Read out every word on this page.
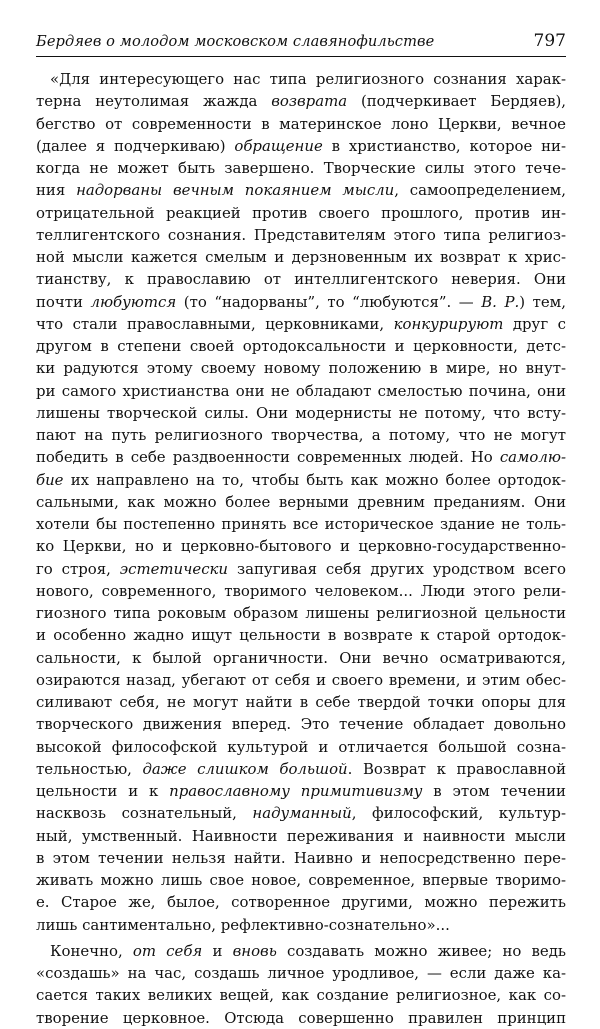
Бердяев о молодом московском славянофильстве	797
«Для интересующего нас типа религиозного сознания харак-
терна неутолимая жажда возврата (подчеркивает Бердяев),
бегство от современности в материнское лоно Церкви, вечное
(далее я подчеркиваю) обращение в христианство, которое ни-
когда не может быть завершено. Творческие силы этого тече-
ния надорваны вечным покаянием мысли, самоопределением,
отрицательной реакцией против своего прошлого, против ин-
теллигентского сознания. Представителям этого типа религиоз-
ной мысли кажется смелым и дерзновенным их возврат к хрис-
тианству, к православию от интеллигентского неверия. Они
почти любуются (то “надорваны”, то “любуются”. — В. Р.) тем,
что стали православными, церковниками, конкурируют друг с
другом в степени своей ортодоксальности и церковности, детс-
ки радуются этому своему новому положению в мире, но внут-
ри самого христианства они не обладают смелостью почина, они
лишены творческой силы. Они модернисты не потому, что всту-
пают на путь религиозного творчества, а потому, что не могут
победить в себе раздвоенности современных людей. Но самолю-
бие их направлено на то, чтобы быть как можно более ортодок-
сальными, как можно более верными древним преданиям. Они
хотели бы постепенно принять все историческое здание не толь-
ко Церкви, но и церковно-бытового и церковно-государственно-
го строя, эстетически запугивая себя других уродством всего
нового, современного, творимого человеком... Люди этого рели-
гиозного типа роковым образом лишены религиозной цельности
и особенно жадно ищут цельности в возврате к старой ортодок-
сальности, к былой органичности. Они вечно осматриваются,
озираются назад, убегают от себя и своего времени, и этим обес-
силивают себя, не могут найти в себе твердой точки опоры для
творческого движения вперед. Это течение обладает довольно
высокой философской культурой и отличается большой созна-
тельностью, даже слишком большой. Возврат к православной
цельности и к православному примитивизму в этом течении
насквозь сознательный, надуманный, философский, культур-
ный, умственный. Наивности переживания и наивности мысли
в этом течении нельзя найти. Наивно и непосредственно пере-
живать можно лишь свое новое, современное, впервые творимо-
е. Старое же, былое, сотворенное другими, можно пережить
лишь сантиментально, рефлективно-сознательно»...
Конечно, от себя и вновь создавать можно живее; но ведь
«создашь» на час, создашь личное уродливое, — если даже ка-
сается таких великих вещей, как создание религиозное, как со-
творение церковное. Отсюда совершенно правилен принцип
